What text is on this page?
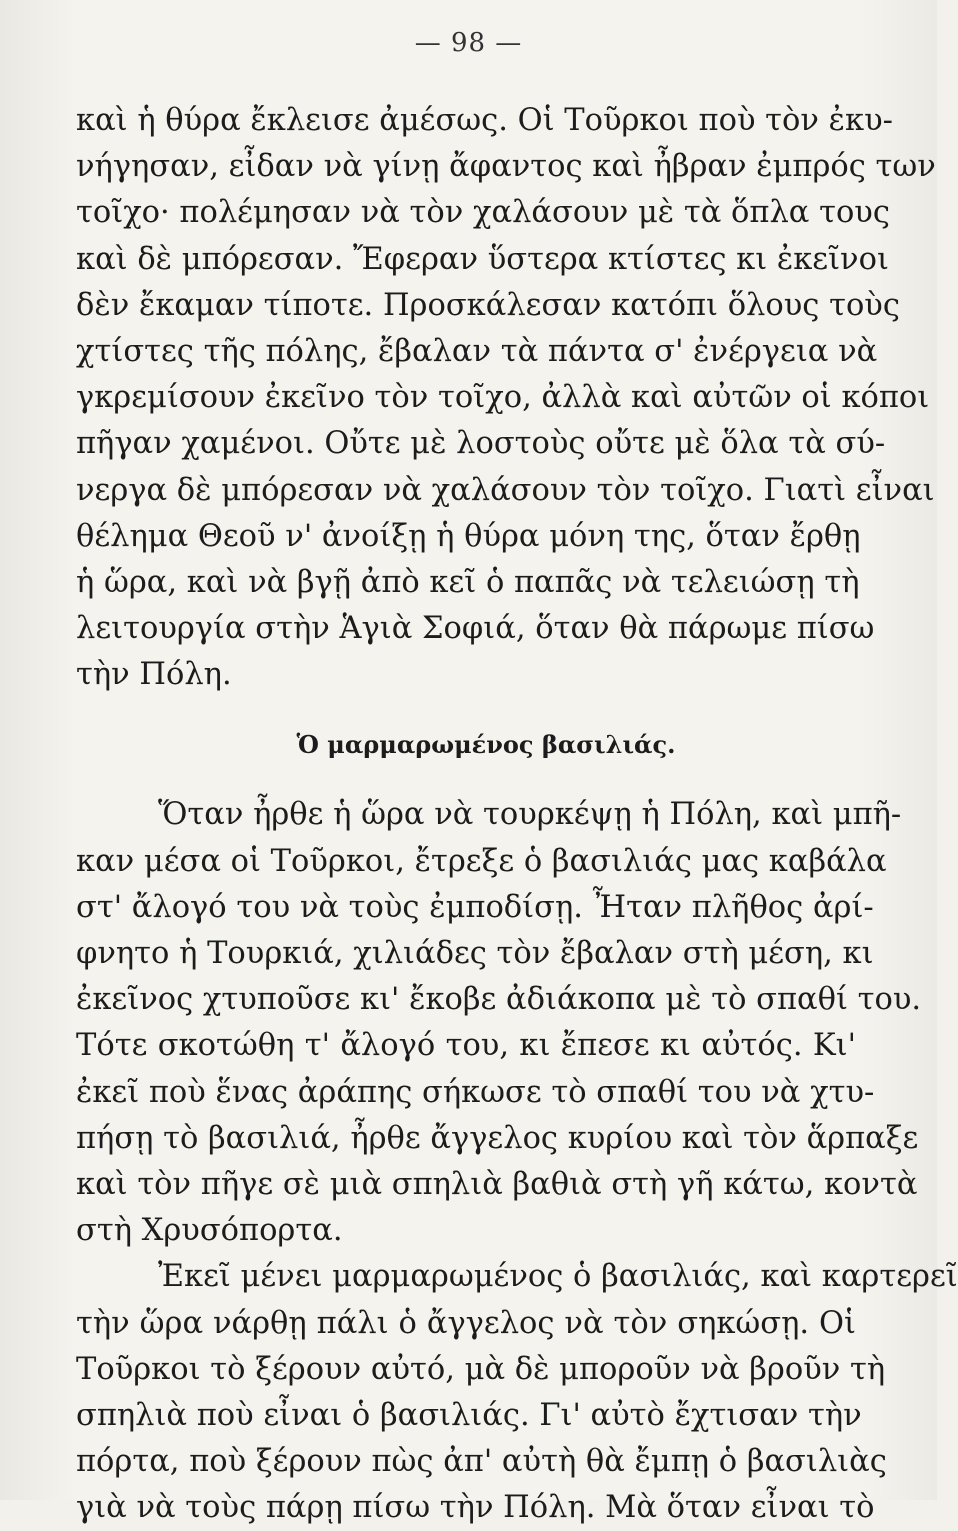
— 98 —
καὶ ἡ θύρα ἔκλεισε ἀμέσως. Οἱ Τοῦρκοι ποὺ τὸν ἐκυ-
νήγησαν, εἶδαν νὰ γίνῃ ἄφαντος καὶ ἦβραν ἐμπρός των
τοῖχο· πολέμησαν νὰ τὸν χαλάσουν μὲ τὰ ὅπλα τους
καὶ δὲ μπόρεσαν. Ἔφεραν ὕστερα κτίστες κι ἐκεῖνοι
δὲν ἔκαμαν τίποτε. Προσκάλεσαν κατόπι ὅλους τοὺς
χτίστες τῆς πόλης, ἔβαλαν τὰ πάντα σ' ἐνέργεια νὰ
γκρεμίσουν ἐκεῖνο τὸν τοῖχο, ἀλλὰ καὶ αὐτῶν οἱ κόποι
πῆγαν χαμένοι. Οὔτε μὲ λοστοὺς οὔτε μὲ ὅλα τὰ σύ-
νεργα δὲ μπόρεσαν νὰ χαλάσουν τὸν τοῖχο. Γιατὶ εἶναι
θέλημα Θεοῦ ν' ἀνοίξῃ ἡ θύρα μόνη της, ὅταν ἔρθῃ
ἡ ὥρα, καὶ νὰ βγῇ ἀπὸ κεῖ ὁ παπᾶς νὰ τελειώσῃ τὴ
λειτουργία στὴν Ἁγιὰ Σοφιά, ὅταν θὰ πάρωμε πίσω
τὴν Πόλη.
Ὁ μαρμαρωμένος βασιλιάς.
Ὅταν ἦρθε ἡ ὥρα νὰ τουρκέψῃ ἡ Πόλη, καὶ μπῆ-
καν μέσα οἱ Τοῦρκοι, ἔτρεξε ὁ βασιλιάς μας καβάλα
στ' ἄλογό του νὰ τοὺς ἐμποδίσῃ. Ἦταν πλῆθος ἀρί-
φνητο ἡ Τουρκιά, χιλιάδες τὸν ἔβαλαν στὴ μέση, κι
ἐκεῖνος χτυποῦσε κι' ἔκοβε ἀδιάκοπα μὲ τὸ σπαθί του.
Τότε σκοτώθη τ' ἄλογό του, κι ἔπεσε κι αὐτός. Κι'
ἐκεῖ ποὺ ἕνας ἀράπης σήκωσε τὸ σπαθί του νὰ χτυ-
πήσῃ τὸ βασιλιά, ἦρθε ἄγγελος κυρίου καὶ τὸν ἅρπαξε
καὶ τὸν πῆγε σὲ μιὰ σπηλιὰ βαθιὰ στὴ γῆ κάτω, κοντὰ
στὴ Χρυσόπορτα.
Ἐκεῖ μένει μαρμαρωμένος ὁ βασιλιάς, καὶ καρτερεῖ
τὴν ὥρα νάρθῃ πάλι ὁ ἄγγελος νὰ τὸν σηκώσῃ. Οἱ
Τοῦρκοι τὸ ξέρουν αὐτό, μὰ δὲ μποροῦν νὰ βροῦν τὴ
σπηλιὰ ποὺ εἶναι ὁ βασιλιάς. Γι' αὐτὸ ἔχτισαν τὴν
πόρτα, ποὺ ξέρουν πὼς ἀπ' αὐτὴ θὰ ἔμπῃ ὁ βασιλιὰς
γιὰ νὰ τοὺς πάρῃ πίσω τὴν Πόλη. Μὰ ὅταν εἶναι τὸ
